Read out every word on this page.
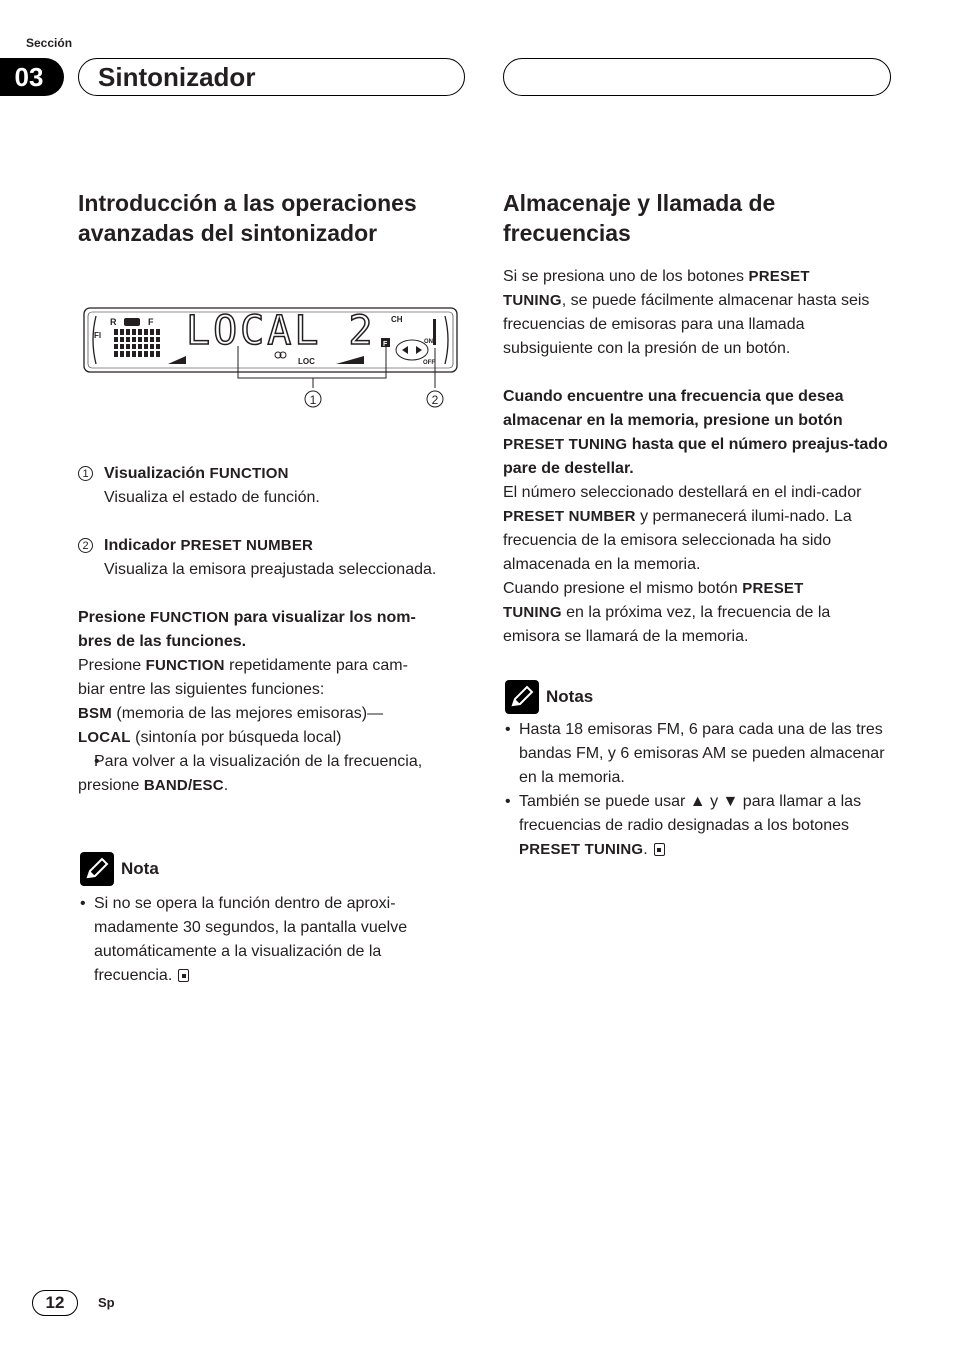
Sección
03	Sintonizador
Introducción a las operaciones avanzadas del sintonizador
Fl
R	F LOCAL 2 CH
LOC
F	ON
OFF
1	2
1 Visualización FUNCTION

Visualiza el estado de función.

2 Indicador PRESET NUMBER

Visualiza la emisora preajustada seleccionada.

Presione FUNCTION para visualizar los nom-
bres de las funciones.

Presione FUNCTION repetidamente para cam-
biar entre las siguientes funciones:

BSM (memoria de las mejores emisoras)—

LOCAL (sintonía por búsqueda local)

• Para volver a la visualización de la frecuencia,
presione BAND/ESC.

Nota

• Si no se opera la función dentro de aproxi-madamente 30 segundos, la pantalla vuelve automáticamente a la visualización de la frecuencia.

Almacenaje y llamada de frecuencias

Si se presiona uno de los botones PRESET
TUNING, se puede fácilmente almacenar hasta seis frecuencias de emisoras para una llamada subsiguiente con la presión de un botón.

Cuando encuentre una frecuencia que desea almacenar en la memoria, presione un botón
PRESET TUNING hasta que el número preajus-tado pare de destellar.

El número seleccionado destellará en el indi-cador PRESET NUMBER y permanecerá ilumi-nado. La frecuencia de la emisora seleccionada ha sido almacenada en la memoria.

Cuando presione el mismo botón PRESET
TUNING en la próxima vez, la frecuencia de la emisora se llamará de la memoria.

Notas

• Hasta 18 emisoras FM, 6 para cada una de las tres bandas FM, y 6 emisoras AM se pueden almacenar en la memoria.

• También se puede usar ▲ y ▼ para llamar a las frecuencias de radio designadas a los botones PRESET TUNING.

12	Sp
